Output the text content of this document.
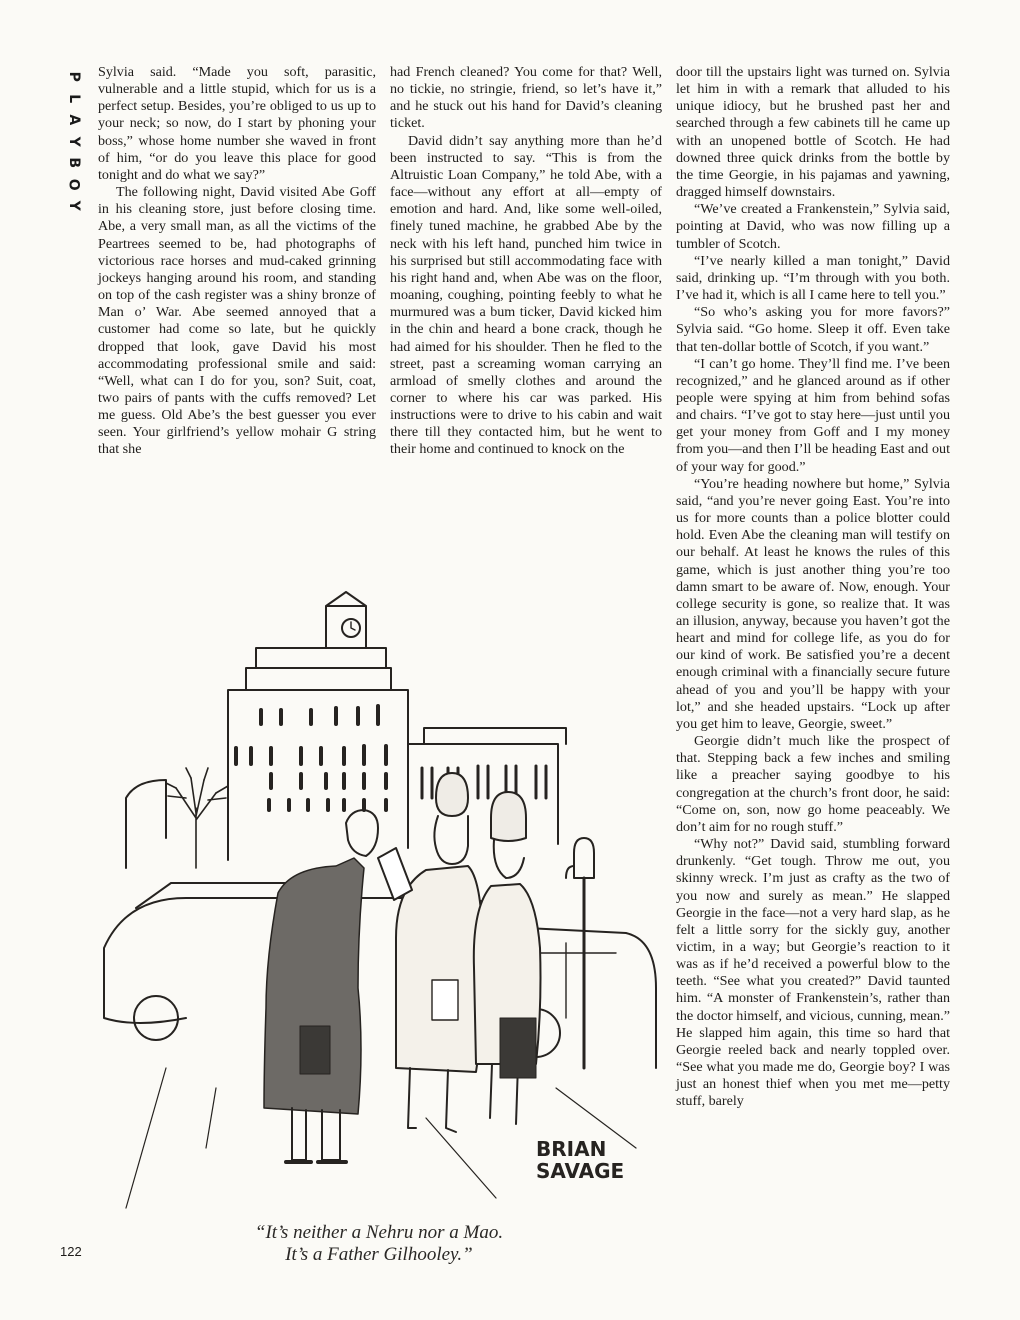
P
L
A
Y
B
O
Y

Sylvia said. “Made you soft, parasitic, vulnerable and a little stupid, which for us is a perfect setup. Besides, you’re obliged to us up to your neck; so now, do I start by phoning your boss,” whose home number she waved in front of him, “or do you leave this place for good tonight and do what we say?”

The following night, David visited Abe Goff in his cleaning store, just before closing time. Abe, a very small man, as all the victims of the Peartrees seemed to be, had photographs of victorious race horses and mud-caked grinning jockeys hanging around his room, and standing on top of the cash register was a shiny bronze of Man o’ War. Abe seemed annoyed that a customer had come so late, but he quickly dropped that look, gave David his most accommodating professional smile and said: “Well, what can I do for you, son? Suit, coat, two pairs of pants with the cuffs removed? Let me guess. Old Abe’s the best guesser you ever seen. Your girlfriend’s yellow mohair G string that she

had French cleaned? You come for that? Well, no tickie, no stringie, friend, so let’s have it,” and he stuck out his hand for David’s cleaning ticket.

David didn’t say anything more than he’d been instructed to say. “This is from the Altruistic Loan Company,” he told Abe, with a face—without any effort at all—empty of emotion and hard. And, like some well-oiled, finely tuned machine, he grabbed Abe by the neck with his left hand, punched him twice in his surprised but still accommodating face with his right hand and, when Abe was on the floor, moaning, coughing, pointing feebly to what he murmured was a bum ticker, David kicked him in the chin and heard a bone crack, though he had aimed for his shoulder. Then he fled to the street, past a screaming woman carrying an armload of smelly clothes and around the corner to where his car was parked. His instructions were to drive to his cabin and wait there till they contacted him, but he went to their home and continued to knock on the

door till the upstairs light was turned on. Sylvia let him in with a remark that alluded to his unique idiocy, but he brushed past her and searched through a few cabinets till he came up with an unopened bottle of Scotch. He had downed three quick drinks from the bottle by the time Georgie, in his pajamas and yawning, dragged himself downstairs.

“We’ve created a Frankenstein,” Sylvia said, pointing at David, who was now filling up a tumbler of Scotch.

“I’ve nearly killed a man tonight,” David said, drinking up. “I’m through with you both. I’ve had it, which is all I came here to tell you.”

“So who’s asking you for more favors?” Sylvia said. “Go home. Sleep it off. Even take that ten-dollar bottle of Scotch, if you want.”

“I can’t go home. They’ll find me. I’ve been recognized,” and he glanced around as if other people were spying at him from behind sofas and chairs. “I’ve got to stay here—just until you get your money from Goff and I my money from you—and then I’ll be heading East and out of your way for good.”

“You’re heading nowhere but home,” Sylvia said, “and you’re never going East. You’re into us for more counts than a police blotter could hold. Even Abe the cleaning man will testify on our behalf. At least he knows the rules of this game, which is just another thing you’re too damn smart to be aware of. Now, enough. Your college security is gone, so realize that. It was an illusion, anyway, because you haven’t got the heart and mind for college life, as you do for our kind of work. Be satisfied you’re a decent enough criminal with a financially secure future ahead of you and you’ll be happy with your lot,” and she headed upstairs. “Lock up after you get him to leave, Georgie, sweet.”

Georgie didn’t much like the prospect of that. Stepping back a few inches and smiling like a preacher saying goodbye to his congregation at the church’s front door, he said: “Come on, son, now go home peaceably. We don’t aim for no rough stuff.”

“Why not?” David said, stumbling forward drunkenly. “Get tough. Throw me out, you skinny wreck. I’m just as crafty as the two of you now and surely as mean.” He slapped Georgie in the face—not a very hard slap, as he felt a little sorry for the sickly guy, another victim, in a way; but Georgie’s reaction to it was as if he’d received a powerful blow to the teeth. “See what you created?” David taunted him. “A monster of Frankenstein’s, rather than the doctor himself, and vicious, cunning, mean.” He slapped him again, this time so hard that Georgie reeled back and nearly toppled over. “See what you made me do, Georgie boy? I was just an honest thief when you met me—petty stuff, barely

BRIAN
SAVAGE
“It’s neither a Nehru nor a Mao.
It’s a Father Gilhooley.”
122
